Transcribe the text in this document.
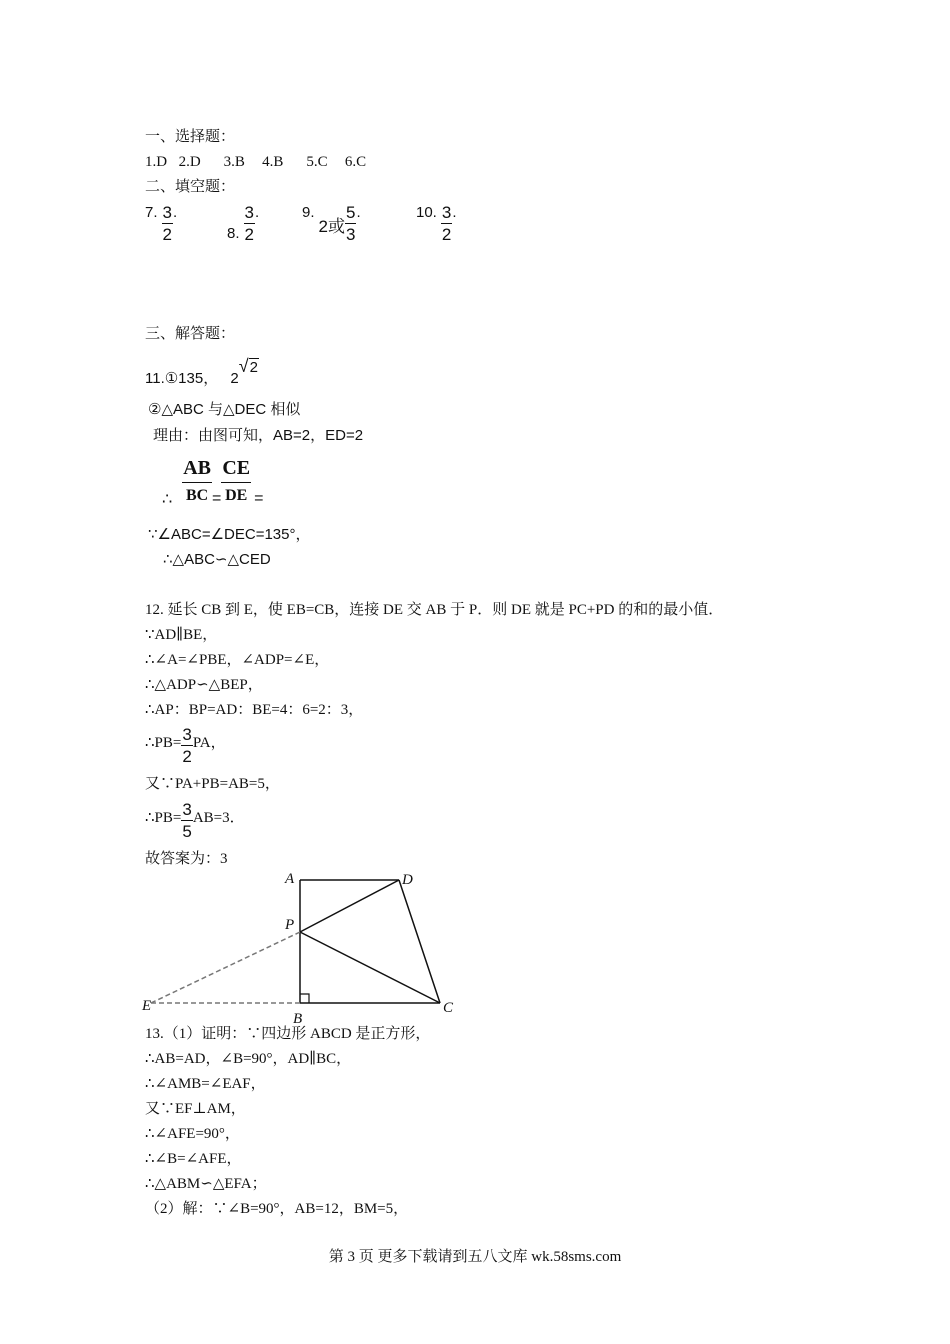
一、选择题：
1.D  2.D    3.B   4.B    5.C   6.C
二、填空题：
7. $\frac{3}{2}$ .
8. $\frac{3}{2}$ .	9. 2或 $\frac{5}{3}$ .	10. $\frac{3}{2}$ .
三、解答题：
11.①135， 2√2
②△ABC 与△DEC 相似
理由：由图可知，AB=2，ED=2
∴ $\frac{AB}{BC} = \frac{CE}{DE}$ =
∵∠ABC=∠DEC=135°，
∴△ABC∽△CED
12. 延长 CB 到 E，使 EB=CB，连接 DE 交 AB 于 P．则 DE 就是 PC+PD 的和的最小值．
∵AD∥BE，
∴∠A=∠PBE，∠ADP=∠E，
∴△ADP∽△BEP，
∴AP：BP=AD：BE=4：6=2：3，
∴PB= $\frac{3}{2}$ PA，
又∵PA+PB=AB=5，
∴PB= $\frac{3}{5} AB=3$．
故答案为：3
A	D
P
E
B
C
13.（1）证明：∵四边形 ABCD 是正方形，
∴AB=AD，∠B=90°，AD∥BC，
∴∠AMB=∠EAF，
又∵EF⊥AM，
∴∠AFE=90°，
∴∠B=∠AFE，
∴△ABM∽△EFA；
（2）解：∵∠B=90°，AB=12，BM=5，
第 3 页 更多下载请到五八文库 wk.58sms.com
